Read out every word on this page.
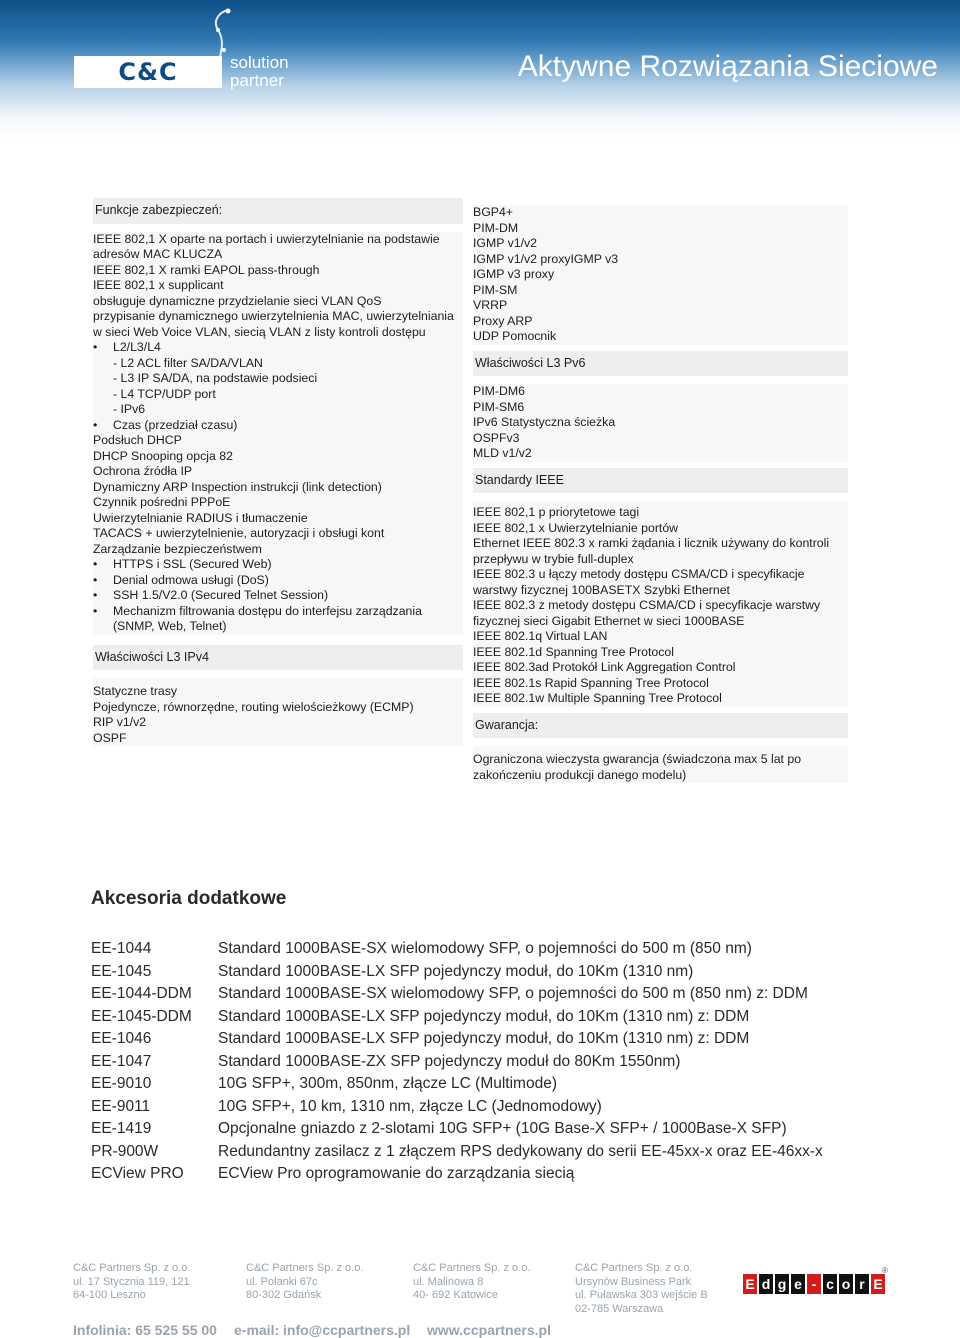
C&C	solution partner	Aktywne Rozwiązania Sieciowe
Funkcje zabezpieczeń:
IEEE 802,1 X oparte na portach i uwierzytelnianie na podstawie adresów MAC KLUCZA
IEEE 802,1 X ramki EAPOL pass-through
IEEE 802,1 x supplicant
obsługuje dynamiczne przydzielanie sieci VLAN QoS
przypisanie dynamicznego uwierzytelnienia MAC, uwierzytelniania w sieci Web Voice VLAN, siecią VLAN z listy kontroli dostępu
• L2/L3/L4
- L2 ACL filter SA/DA/VLAN
- L3 IP SA/DA, na podstawie podsieci
- L4 TCP/UDP port
- IPv6
• Czas (przedział czasu)
Podsłuch DHCP
DHCP Snooping opcja 82
Ochrona źródła IP
Dynamiczny ARP Inspection instrukcji (link detection)
Czynnik pośredni PPPoE
Uwierzytelnianie RADIUS i tłumaczenie
TACACS + uwierzytelnienie, autoryzacji i obsługi kont
Zarządzanie bezpieczeństwem
• HTTPS i SSL (Secured Web)
• Denial odmowa usługi (DoS)
• SSH 1.5/V2.0 (Secured Telnet Session)
• Mechanizm filtrowania dostępu do interfejsu zarządzania (SNMP, Web, Telnet)
Właściwości L3 IPv4
Statyczne trasy
Pojedyncze, równorzędne, routing wielościeżkowy (ECMP)
RIP v1/v2
OSPF
BGP4+
PIM-DM
IGMP v1/v2
IGMP v1/v2 proxyIGMP v3
IGMP v3 proxy
PIM-SM
VRRP
Proxy ARP
UDP Pomocnik
Właściwości L3 Pv6
PIM-DM6
PIM-SM6
IPv6 Statystyczna ścieżka
OSPFv3
MLD v1/v2
Standardy IEEE
IEEE 802,1 p priorytetowe tagi
IEEE 802,1 x Uwierzytelnianie portów
Ethernet IEEE 802.3 x ramki żądania i licznik używany do kontroli przepływu w trybie full-duplex
IEEE 802.3 u łączy metody dostępu CSMA/CD i specyfikacje warstwy fizycznej 100BASETX Szybki Ethernet
IEEE 802.3 z metody dostępu CSMA/CD i specyfikacje warstwy fizycznej sieci Gigabit Ethernet w sieci 1000BASE
IEEE 802.1q Virtual LAN
IEEE 802.1d Spanning Tree Protocol
IEEE 802.3ad Protokół Link Aggregation Control
IEEE 802.1s Rapid Spanning Tree Protocol
IEEE 802.1w Multiple Spanning Tree Protocol
Gwarancja:
Ograniczona wieczysta gwarancja (świadczona max 5 lat po zakończeniu produkcji danego modelu)
Akcesoria dodatkowe
EE-1044	Standard 1000BASE-SX wielomodowy SFP, o pojemności do 500 m (850 nm)
EE-1045	Standard 1000BASE-LX SFP pojedynczy moduł, do 10Km (1310 nm)
EE-1044-DDM	Standard 1000BASE-SX wielomodowy SFP, o pojemności do 500 m (850 nm) z: DDM
EE-1045-DDM	Standard 1000BASE-LX SFP pojedynczy moduł, do 10Km (1310 nm) z: DDM
EE-1046	Standard 1000BASE-LX SFP pojedynczy moduł, do 10Km (1310 nm) z: DDM
EE-1047	Standard 1000BASE-ZX SFP pojedynczy moduł do 80Km 1550nm)
EE-9010	10G SFP+, 300m, 850nm, złącze LC (Multimode)
EE-9011	10G SFP+, 10 km, 1310 nm, złącze LC (Jednomodowy)
EE-1419	Opcjonalne gniazdo z 2-slotami 10G SFP+ (10G Base-X SFP+ / 1000Base-X SFP)
PR-900W	Redundantny zasilacz z 1 złączem RPS dedykowany do serii EE-45xx-x oraz EE-46xx-x
ECView PRO	ECView Pro oprogramowanie do zarządzania siecią
C&C Partners Sp. z o.o.
ul. 17 Stycznia 119, 121
64-100 Leszno
C&C Partners Sp. z o.o.
ul. Polanki 67c
80-302 Gdańsk
C&C Partners Sp. z o.o.
ul. Malinowa 8
40- 692 Katowice
C&C Partners Sp. z o.o.
Ursynów Business Park
ul. Puławska 303 wejście B
02-785 Warszawa
E d g e - c o r E
®
Infolinia: 65 525 55 00 e-mail: info@ccpartners.pl www.ccpartners.pl
